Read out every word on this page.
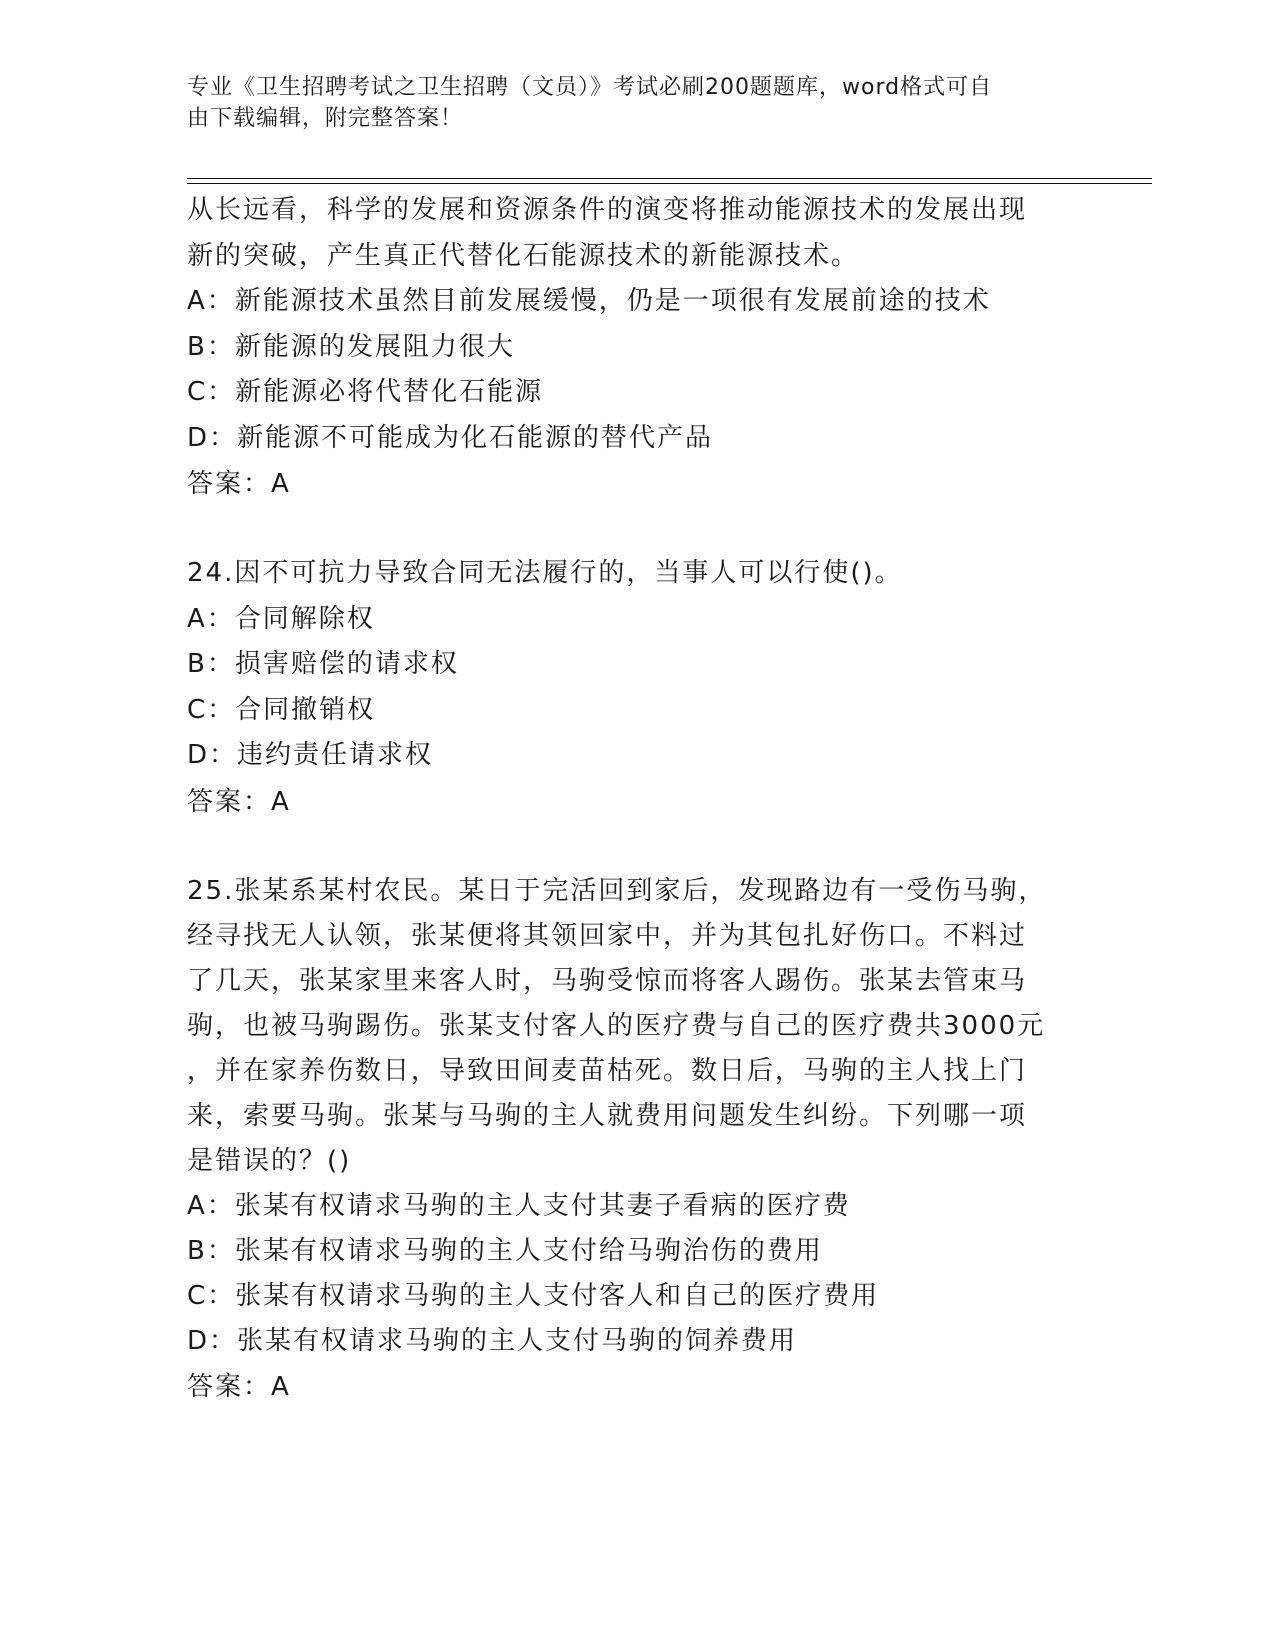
专业《卫生招聘考试之卫生招聘（文员）》考试必刷200题题库，word格式可自
由下载编辑，附完整答案！
从长远看，科学的发展和资源条件的演变将推动能源技术的发展出现
新的突破，产生真正代替化石能源技术的新能源技术。
A：新能源技术虽然目前发展缓慢，仍是一项很有发展前途的技术
B：新能源的发展阻力很大
C：新能源必将代替化石能源
D：新能源不可能成为化石能源的替代产品
答案：A
24.因不可抗力导致合同无法履行的，当事人可以行使()。
A：合同解除权
B：损害赔偿的请求权
C：合同撤销权
D：违约责任请求权
答案：A
25.张某系某村农民。某日于完活回到家后，发现路边有一受伤马驹，
经寻找无人认领，张某便将其领回家中，并为其包扎好伤口。不料过
了几天，张某家里来客人时，马驹受惊而将客人踢伤。张某去管束马
驹，也被马驹踢伤。张某支付客人的医疗费与自己的医疗费共3000元
，并在家养伤数日，导致田间麦苗枯死。数日后，马驹的主人找上门
来，索要马驹。张某与马驹的主人就费用问题发生纠纷。下列哪一项
是错误的？()
A：张某有权请求马驹的主人支付其妻子看病的医疗费
B：张某有权请求马驹的主人支付给马驹治伤的费用
C：张某有权请求马驹的主人支付客人和自己的医疗费用
D：张某有权请求马驹的主人支付马驹的饲养费用
答案：A
